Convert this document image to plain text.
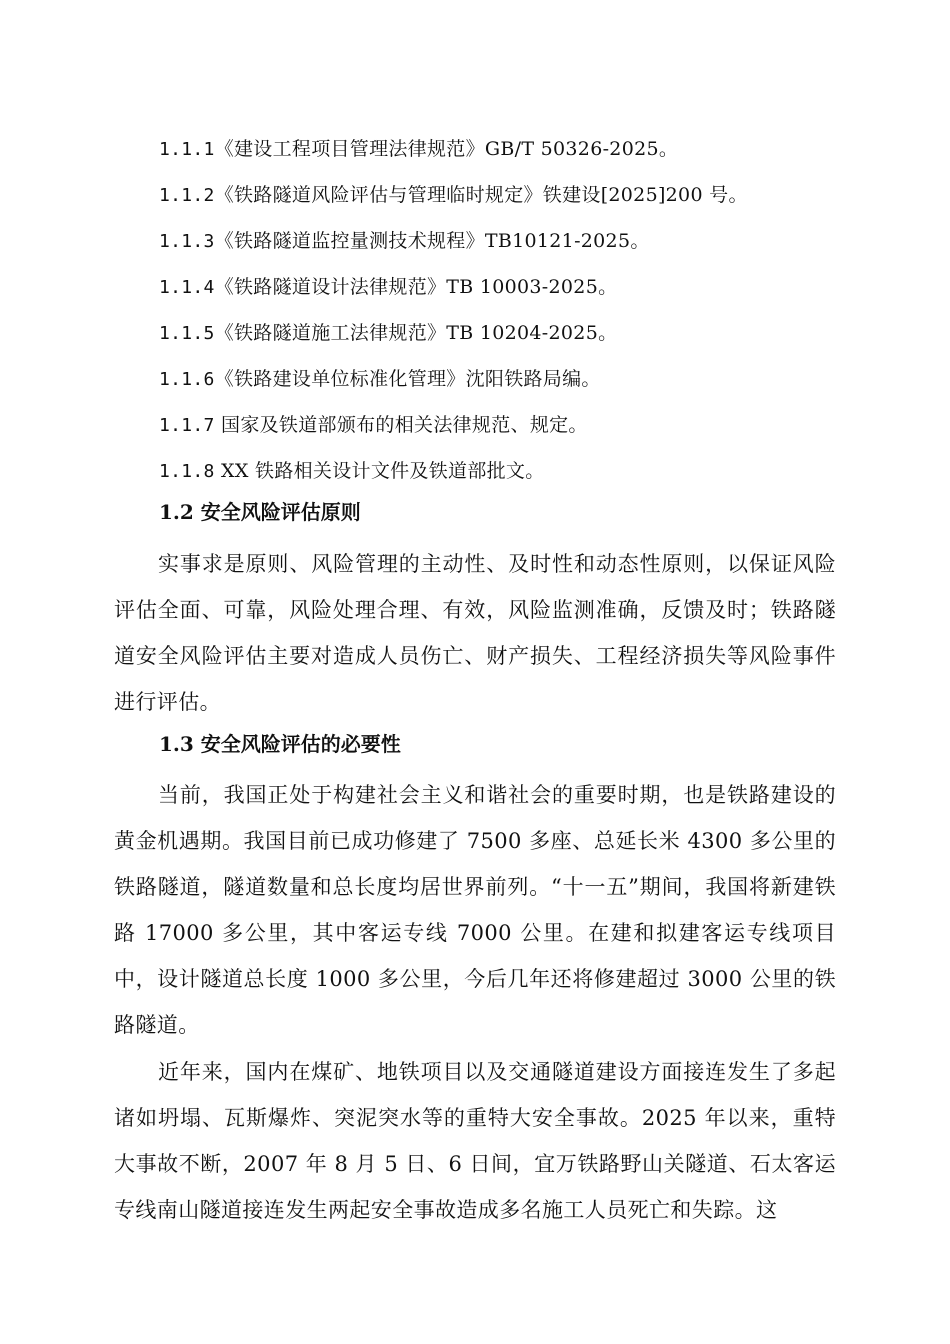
1.1.1《建设工程项目管理法律规范》GB/T 50326-2025。
1.1.2《铁路隧道风险评估与管理临时规定》铁建设[2025]200 号。
1.1.3《铁路隧道监控量测技术规程》TB10121-2025。
1.1.4《铁路隧道设计法律规范》TB 10003-2025。
1.1.5《铁路隧道施工法律规范》TB 10204-2025。
1.1.6《铁路建设单位标准化管理》沈阳铁路局编。
1.1.7 国家及铁道部颁布的相关法律规范、规定。
1.1.8 XX 铁路相关设计文件及铁道部批文。
1.2 安全风险评估原则
实事求是原则、风险管理的主动性、及时性和动态性原则，以保证风险评估全面、可靠，风险处理合理、有效，风险监测准确，反馈及时；铁路隧道安全风险评估主要对造成人员伤亡、财产损失、工程经济损失等风险事件进行评估。
1.3 安全风险评估的必要性
当前，我国正处于构建社会主义和谐社会的重要时期，也是铁路建设的黄金机遇期。我国目前已成功修建了 7500 多座、总延长米 4300 多公里的铁路隧道，隧道数量和总长度均居世界前列。“十一五”期间，我国将新建铁路 17000 多公里，其中客运专线 7000 公里。在建和拟建客运专线项目中，设计隧道总长度 1000 多公里，今后几年还将修建超过 3000 公里的铁路隧道。
近年来，国内在煤矿、地铁项目以及交通隧道建设方面接连发生了多起诸如坍塌、瓦斯爆炸、突泥突水等的重特大安全事故。2025 年以来，重特大事故不断，2007 年 8 月 5 日、6 日间，宜万铁路野山关隧道、石太客运专线南山隧道接连发生两起安全事故造成多名施工人员死亡和失踪。这
